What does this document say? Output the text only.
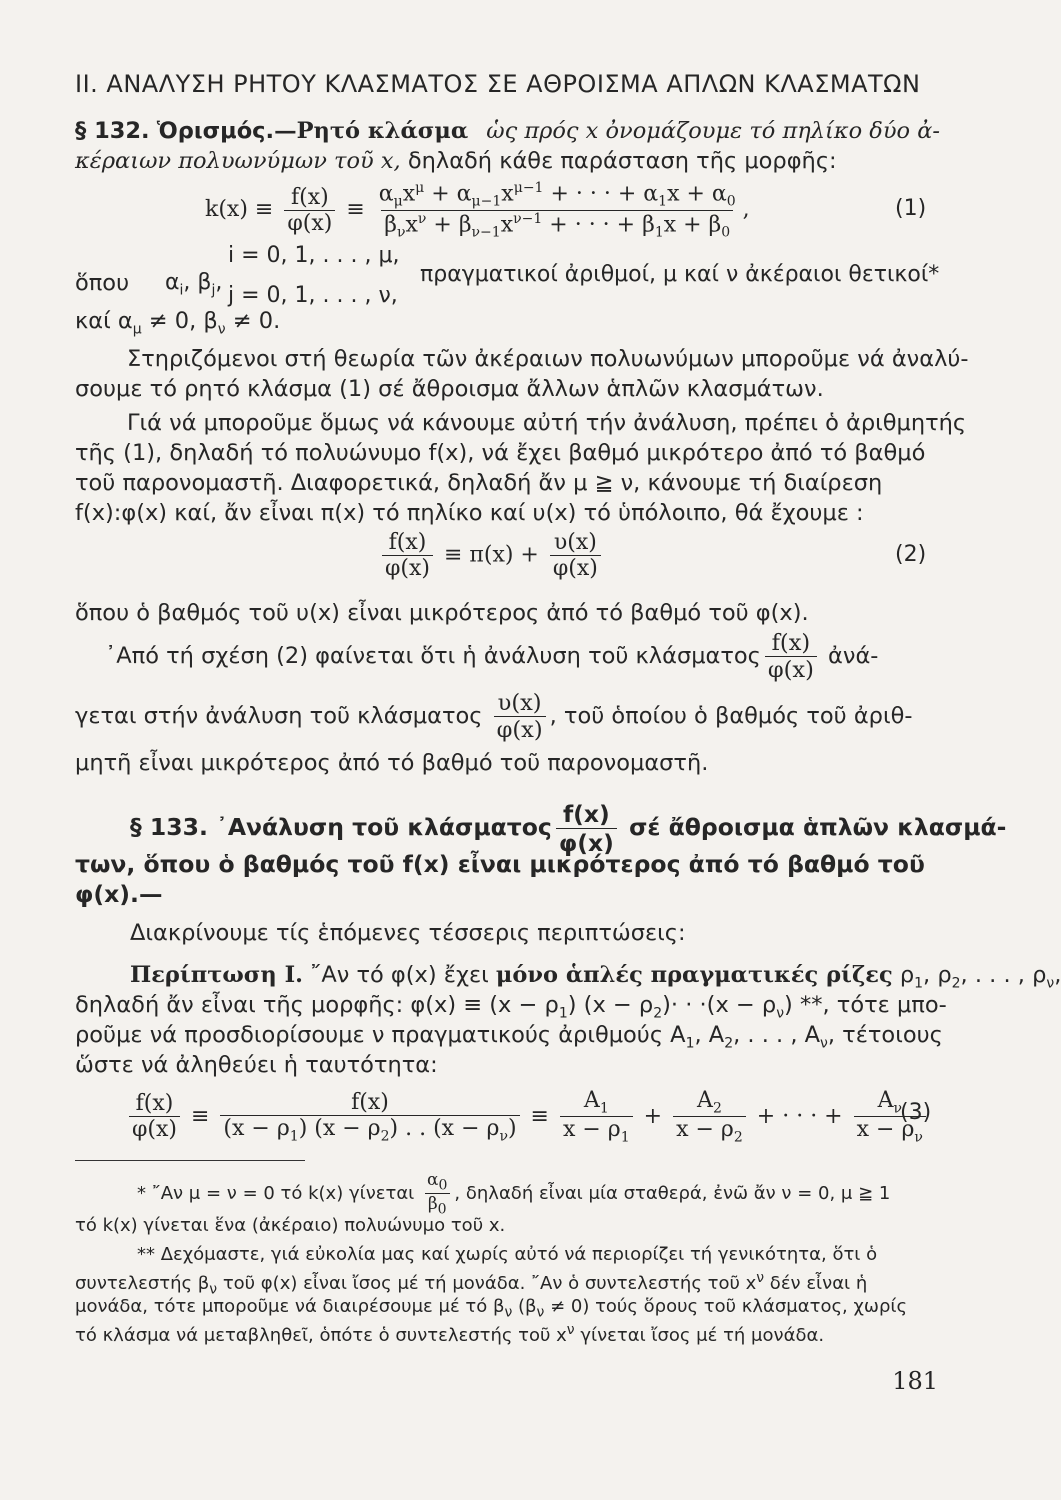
ΙΙ. ΑΝΑΛΥΣΗ ΡΗΤΟΥ ΚΛΑΣΜΑΤΟΣ ΣΕ ΑΘΡΟΙΣΜΑ ΑΠΛΩΝ ΚΛΑΣΜΑΤΩΝ
§ 132. Ὁρισμός.—Ρητό κλάσμα ὡς πρός x ὀνομάζουμε τό πηλίκο δύο ἀ-
κέραιων πολυωνύμων τοῦ x, δηλαδή κάθε παράσταση τῆς μορφῆς:
$k(x) \equiv \frac{f(x)}{\varphi(x)} \equiv \frac{\alpha_\mu x^\mu + \alpha_{\mu-1}x^{\mu-1} + \cdot \cdot \cdot + \alpha_1x + \alpha_0}{\beta_\nu x^\nu + \beta_{\nu-1}x^{\nu-1} + \cdot \cdot \cdot + \beta_1x + \beta_0}$ ,	(1)
ὅπου	$\alpha_i$, $\beta_j$,
i = 0, 1, . . . , μ,
j = 0, 1, . . . , ν,
πραγματικοί ἀριθμοί, μ καί ν ἀκέραιοι θετικοί*
καί $\alpha_\mu \ne 0$, $\beta_\nu \ne 0$.
Στηριζόμενοι στή θεωρία τῶν ἀκέραιων πολυωνύμων μποροῦμε νά ἀναλύ-
σουμε τό ρητό κλάσμα (1) σέ ἄθροισμα ἄλλων ἁπλῶν κλασμάτων.
Γιά νά μποροῦμε ὅμως νά κάνουμε αὐτή τήν ἀνάλυση, πρέπει ὁ ἀριθμητής
τῆς (1), δηλαδή τό πολυώνυμο f(x), νά ἔχει βαθμό μικρότερο ἀπό τό βαθμό
τοῦ παρονομαστῆ. Διαφορετικά, δηλαδή ἄν μ ≧ ν, κάνουμε τή διαίρεση
f(x):φ(x) καί, ἄν εἶναι π(x) τό πηλίκο καί υ(x) τό ὑπόλοιπο, θά ἔχουμε :
$\frac{f(x)}{\varphi(x)} \equiv \pi(x) + \frac{\upsilon(x)}{\varphi(x)}$	(2)
ὅπου ὁ βαθμός τοῦ υ(x) εἶναι μικρότερος ἀπό τό βαθμό τοῦ φ(x).
᾿Από τή σχέση (2) φαίνεται ὅτι ἡ ἀνάλυση τοῦ κλάσματος $\frac{f(x)}{\varphi(x)}$ ἀνά-
γεται στήν ἀνάλυση τοῦ κλάσματος $\frac{\upsilon(x)}{\varphi(x)}$ , τοῦ ὁποίου ὁ βαθμός τοῦ ἀριθ-
μητῆ εἶναι μικρότερος ἀπό τό βαθμό τοῦ παρονομαστῆ.
§ 133. ᾿Ανάλυση τοῦ κλάσματος $\frac{f(x)}{\varphi(x)}$ σέ ἄθροισμα ἁπλῶν κλασμά-
των, ὅπου ὁ βαθμός τοῦ f(x) εἶναι μικρότερος ἀπό τό βαθμό τοῦ
φ(x).—
Διακρίνουμε τίς ἑπόμενες τέσσερις περιπτώσεις:
Περίπτωση Ι. ῎Αν τό φ(x) ἔχει μόνο ἁπλές πραγματικές ρίζες $\rho_1$, $\rho_2$, . . . , $\rho_\nu$,
δηλαδή ἄν εἶναι τῆς μορφῆς: $\varphi(x) \equiv (x - \rho_1)$ $(x - \rho_2)\cdot \cdot \cdot(x - \rho_\nu)$ **, τότε μπο-
ροῦμε νά προσδιορίσουμε ν πραγματικούς ἀριθμούς $A_1$, $A_2$, . . . , $A_\nu$, τέτοιους
ὥστε νά ἀληθεύει ἡ ταυτότητα:
$\frac{f(x)}{\varphi(x)} \equiv \frac{f(x)}{(x - \rho_1) (x - \rho_2) . . (x - \rho_\nu)} \equiv \frac{A_1}{x - \rho_1} + \frac{A_2}{x - \rho_2}$ + · · · + $\frac{A_\nu}{x - \rho_\nu}$
(3)
* ῎Αν μ = ν = 0 τό k(x) γίνεται $\frac{\alpha_0}{\beta_0}$ , δηλαδή εἶναι μία σταθερά, ἐνῶ ἄν ν = 0, μ ≧ 1
τό k(x) γίνεται ἕνα (ἀκέραιο) πολυώνυμο τοῦ x.
** Δεχόμαστε, γιά εὐκολία μας καί χωρίς αὐτό νά περιορίζει τή γενικότητα, ὅτι ὁ
συντελεστής $\beta_\nu$ τοῦ φ(x) εἶναι ἴσος μέ τή μονάδα. ῎Αν ὁ συντελεστής τοῦ $x^\nu$ δέν εἶναι ἡ
μονάδα, τότε μποροῦμε νά διαιρέσουμε μέ τό $\beta_\nu$ $(\beta_\nu \ne 0)$ τούς ὅρους τοῦ κλάσματος, χωρίς
τό κλάσμα νά μεταβληθεῖ, ὁπότε ὁ συντελεστής τοῦ $x^\nu$ γίνεται ἴσος μέ τή μονάδα.
181
